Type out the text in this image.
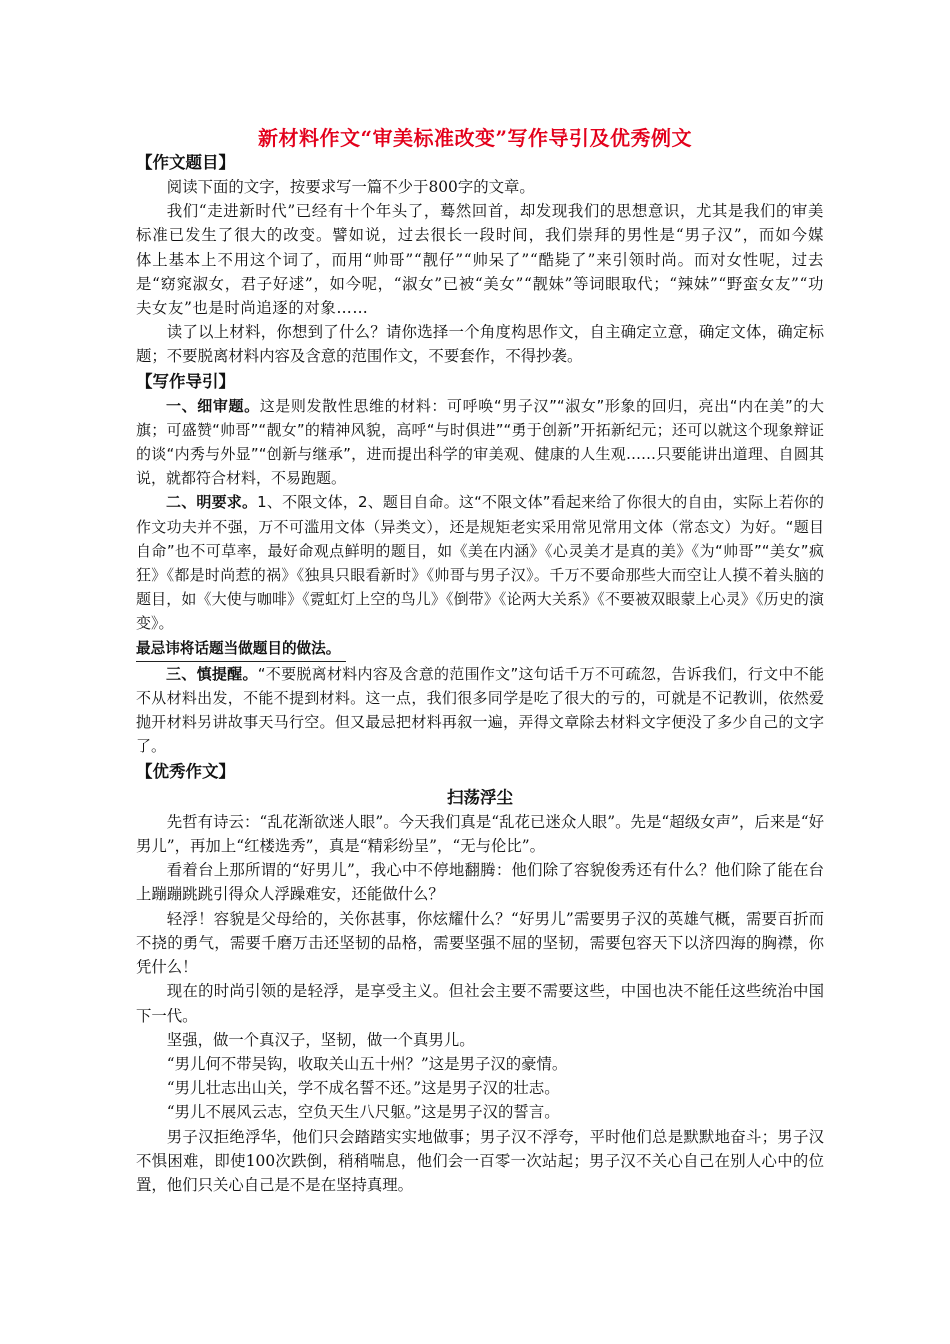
新材料作文“审美标准改变”写作导引及优秀例文

【作文题目】

阅读下面的文字，按要求写一篇不少于800字的文章。

我们“走进新时代”已经有十个年头了，蓦然回首，却发现我们的思想意识，尤其是我们的审美标准已发生了很大的改变。譬如说，过去很长一段时间，我们崇拜的男性是“男子汉”，而如今媒体上基本上不用这个词了，而用“帅哥”“靓仔”“帅呆了”“酷毙了”来引领时尚。而对女性呢，过去是“窈窕淑女，君子好逑”，如今呢，“淑女”已被“美女”“靓妹”等词眼取代；“辣妹”“野蛮女友”“功夫女友”也是时尚追逐的对象……

读了以上材料，你想到了什么？请你选择一个角度构思作文，自主确定立意，确定文体，确定标题；不要脱离材料内容及含意的范围作文，不要套作，不得抄袭。

【写作导引】

一、细审题。这是则发散性思维的材料：可呼唤“男子汉”“淑女”形象的回归，亮出“内在美”的大旗；可盛赞“帅哥”“靓女”的精神风貌，高呼“与时俱进”“勇于创新”开拓新纪元；还可以就这个现象辩证的谈“内秀与外显”“创新与继承”，进而提出科学的审美观、健康的人生观……只要能讲出道理、自圆其说，就都符合材料，不易跑题。

二、明要求。1、不限文体，2、题目自命。这“不限文体”看起来给了你很大的自由，实际上若你的作文功夫并不强，万不可滥用文体（异类文），还是规矩老实采用常见常用文体（常态文）为好。“题目自命”也不可草率，最好命观点鲜明的题目，如《美在内涵》《心灵美才是真的美》《为“帅哥”“美女”疯狂》《都是时尚惹的祸》《独具只眼看新时》《帅哥与男子汉》。千万不要命那些大而空让人摸不着头脑的题目，如《大使与咖啡》《霓虹灯上空的鸟儿》《倒带》《论两大关系》《不要被双眼蒙上心灵》《历史的演变》。

最忌讳将话题当做题目的做法。

三、慎提醒。“不要脱离材料内容及含意的范围作文”这句话千万不可疏忽，告诉我们，行文中不能不从材料出发，不能不提到材料。这一点，我们很多同学是吃了很大的亏的，可就是不记教训，依然爱抛开材料另讲故事天马行空。但又最忌把材料再叙一遍，弄得文章除去材料文字便没了多少自己的文字了。

【优秀作文】

扫荡浮尘

先哲有诗云：“乱花渐欲迷人眼”。今天我们真是“乱花已迷众人眼”。先是“超级女声”，后来是“好男儿”，再加上“红楼选秀”，真是“精彩纷呈”，“无与伦比”。

看着台上那所谓的“好男儿”，我心中不停地翻腾：他们除了容貌俊秀还有什么？他们除了能在台上蹦蹦跳跳引得众人浮躁难安，还能做什么？

轻浮！容貌是父母给的，关你甚事，你炫耀什么？“好男儿”需要男子汉的英雄气概，需要百折而不挠的勇气，需要千磨万击还坚韧的品格，需要坚强不屈的坚韧，需要包容天下以济四海的胸襟，你凭什么！

现在的时尚引领的是轻浮，是享受主义。但社会主要不需要这些，中国也决不能任这些统治中国下一代。

坚强，做一个真汉子，坚韧，做一个真男儿。

“男儿何不带吴钩，收取关山五十州？”这是男子汉的豪情。

“男儿壮志出山关，学不成名誓不还。”这是男子汉的壮志。

“男儿不展风云志，空负天生八尺躯。”这是男子汉的誓言。

男子汉拒绝浮华，他们只会踏踏实实地做事；男子汉不浮夸，平时他们总是默默地奋斗；男子汉不惧困难，即使100次跌倒，稍稍喘息，他们会一百零一次站起；男子汉不关心自己在别人心中的位置，他们只关心自己是不是在坚持真理。
